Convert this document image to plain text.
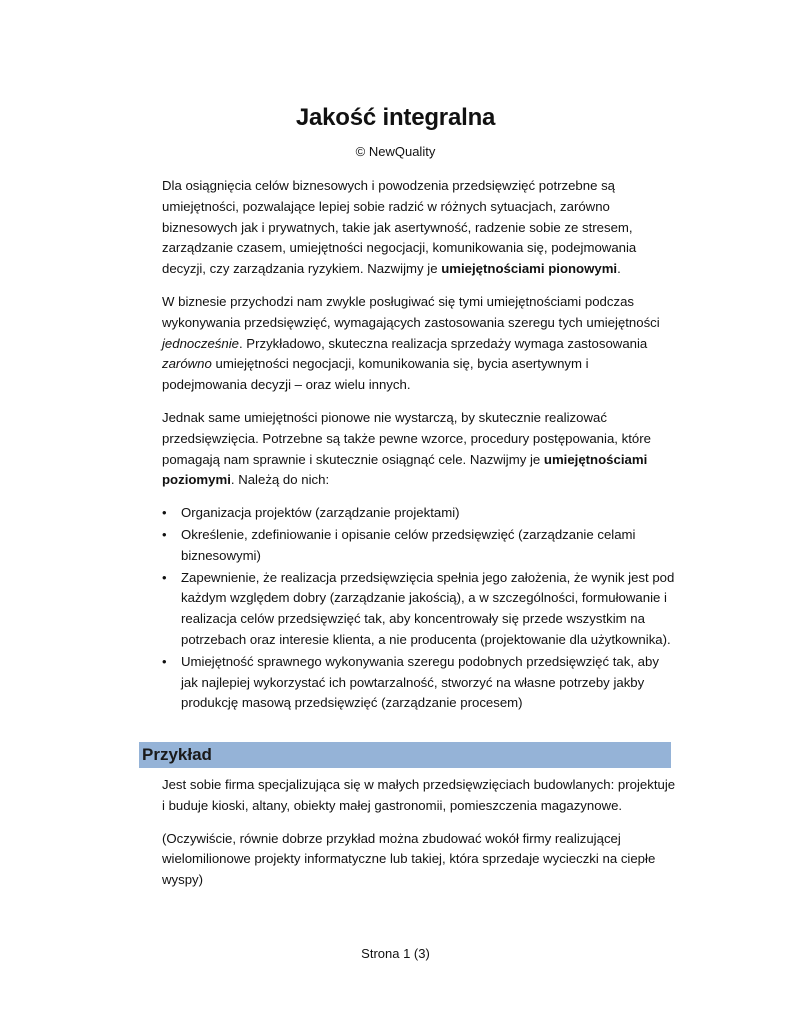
Jakość integralna
© NewQuality

Dla osiągnięcia celów biznesowych i powodzenia przedsięwzięć potrzebne są umiejętności, pozwalające lepiej sobie radzić w różnych sytuacjach, zarówno biznesowych jak i prywatnych, takie jak asertywność, radzenie sobie ze stresem, zarządzanie czasem, umiejętności negocjacji, komunikowania się, podejmowania decyzji, czy zarządzania ryzykiem. Nazwijmy je umiejętnościami pionowymi.

W biznesie przychodzi nam zwykle posługiwać się tymi umiejętnościami podczas wykonywania przedsięwzięć, wymagających zastosowania szeregu tych umiejętności jednocześnie. Przykładowo, skuteczna realizacja sprzedaży wymaga zastosowania zarówno umiejętności negocjacji, komunikowania się, bycia asertywnym i podejmowania decyzji – oraz wielu innych.

Jednak same umiejętności pionowe nie wystarczą, by skutecznie realizować przedsięwzięcia. Potrzebne są także pewne wzorce, procedury postępowania, które pomagają nam sprawnie i skutecznie osiągnąć cele. Nazwijmy je umiejętnościami poziomymi. Należą do nich:

• Organizacja projektów (zarządzanie projektami)
• Określenie, zdefiniowanie i opisanie celów przedsięwzięć (zarządzanie celami biznesowymi)
• Zapewnienie, że realizacja przedsięwzięcia spełnia jego założenia, że wynik jest pod każdym względem dobry (zarządzanie jakością), a w szczególności, formułowanie i realizacja celów przedsięwzięć tak, aby koncentrowały się przede wszystkim na potrzebach oraz interesie klienta, a nie producenta (projektowanie dla użytkownika).
• Umiejętność sprawnego wykonywania szeregu podobnych przedsięwzięć tak, aby jak najlepiej wykorzystać ich powtarzalność, stworzyć na własne potrzeby jakby produkcję masową przedsięwzięć (zarządzanie procesem)
Przykład

Jest sobie firma specjalizująca się w małych przedsięwzięciach budowlanych: projektuje i buduje kioski, altany, obiekty małej gastronomii, pomieszczenia magazynowe.

(Oczywiście, równie dobrze przykład można zbudować wokół firmy realizującej wielomilionowe projekty informatyczne lub takiej, która sprzedaje wycieczki na ciepłe wyspy)

Strona 1 (3)
